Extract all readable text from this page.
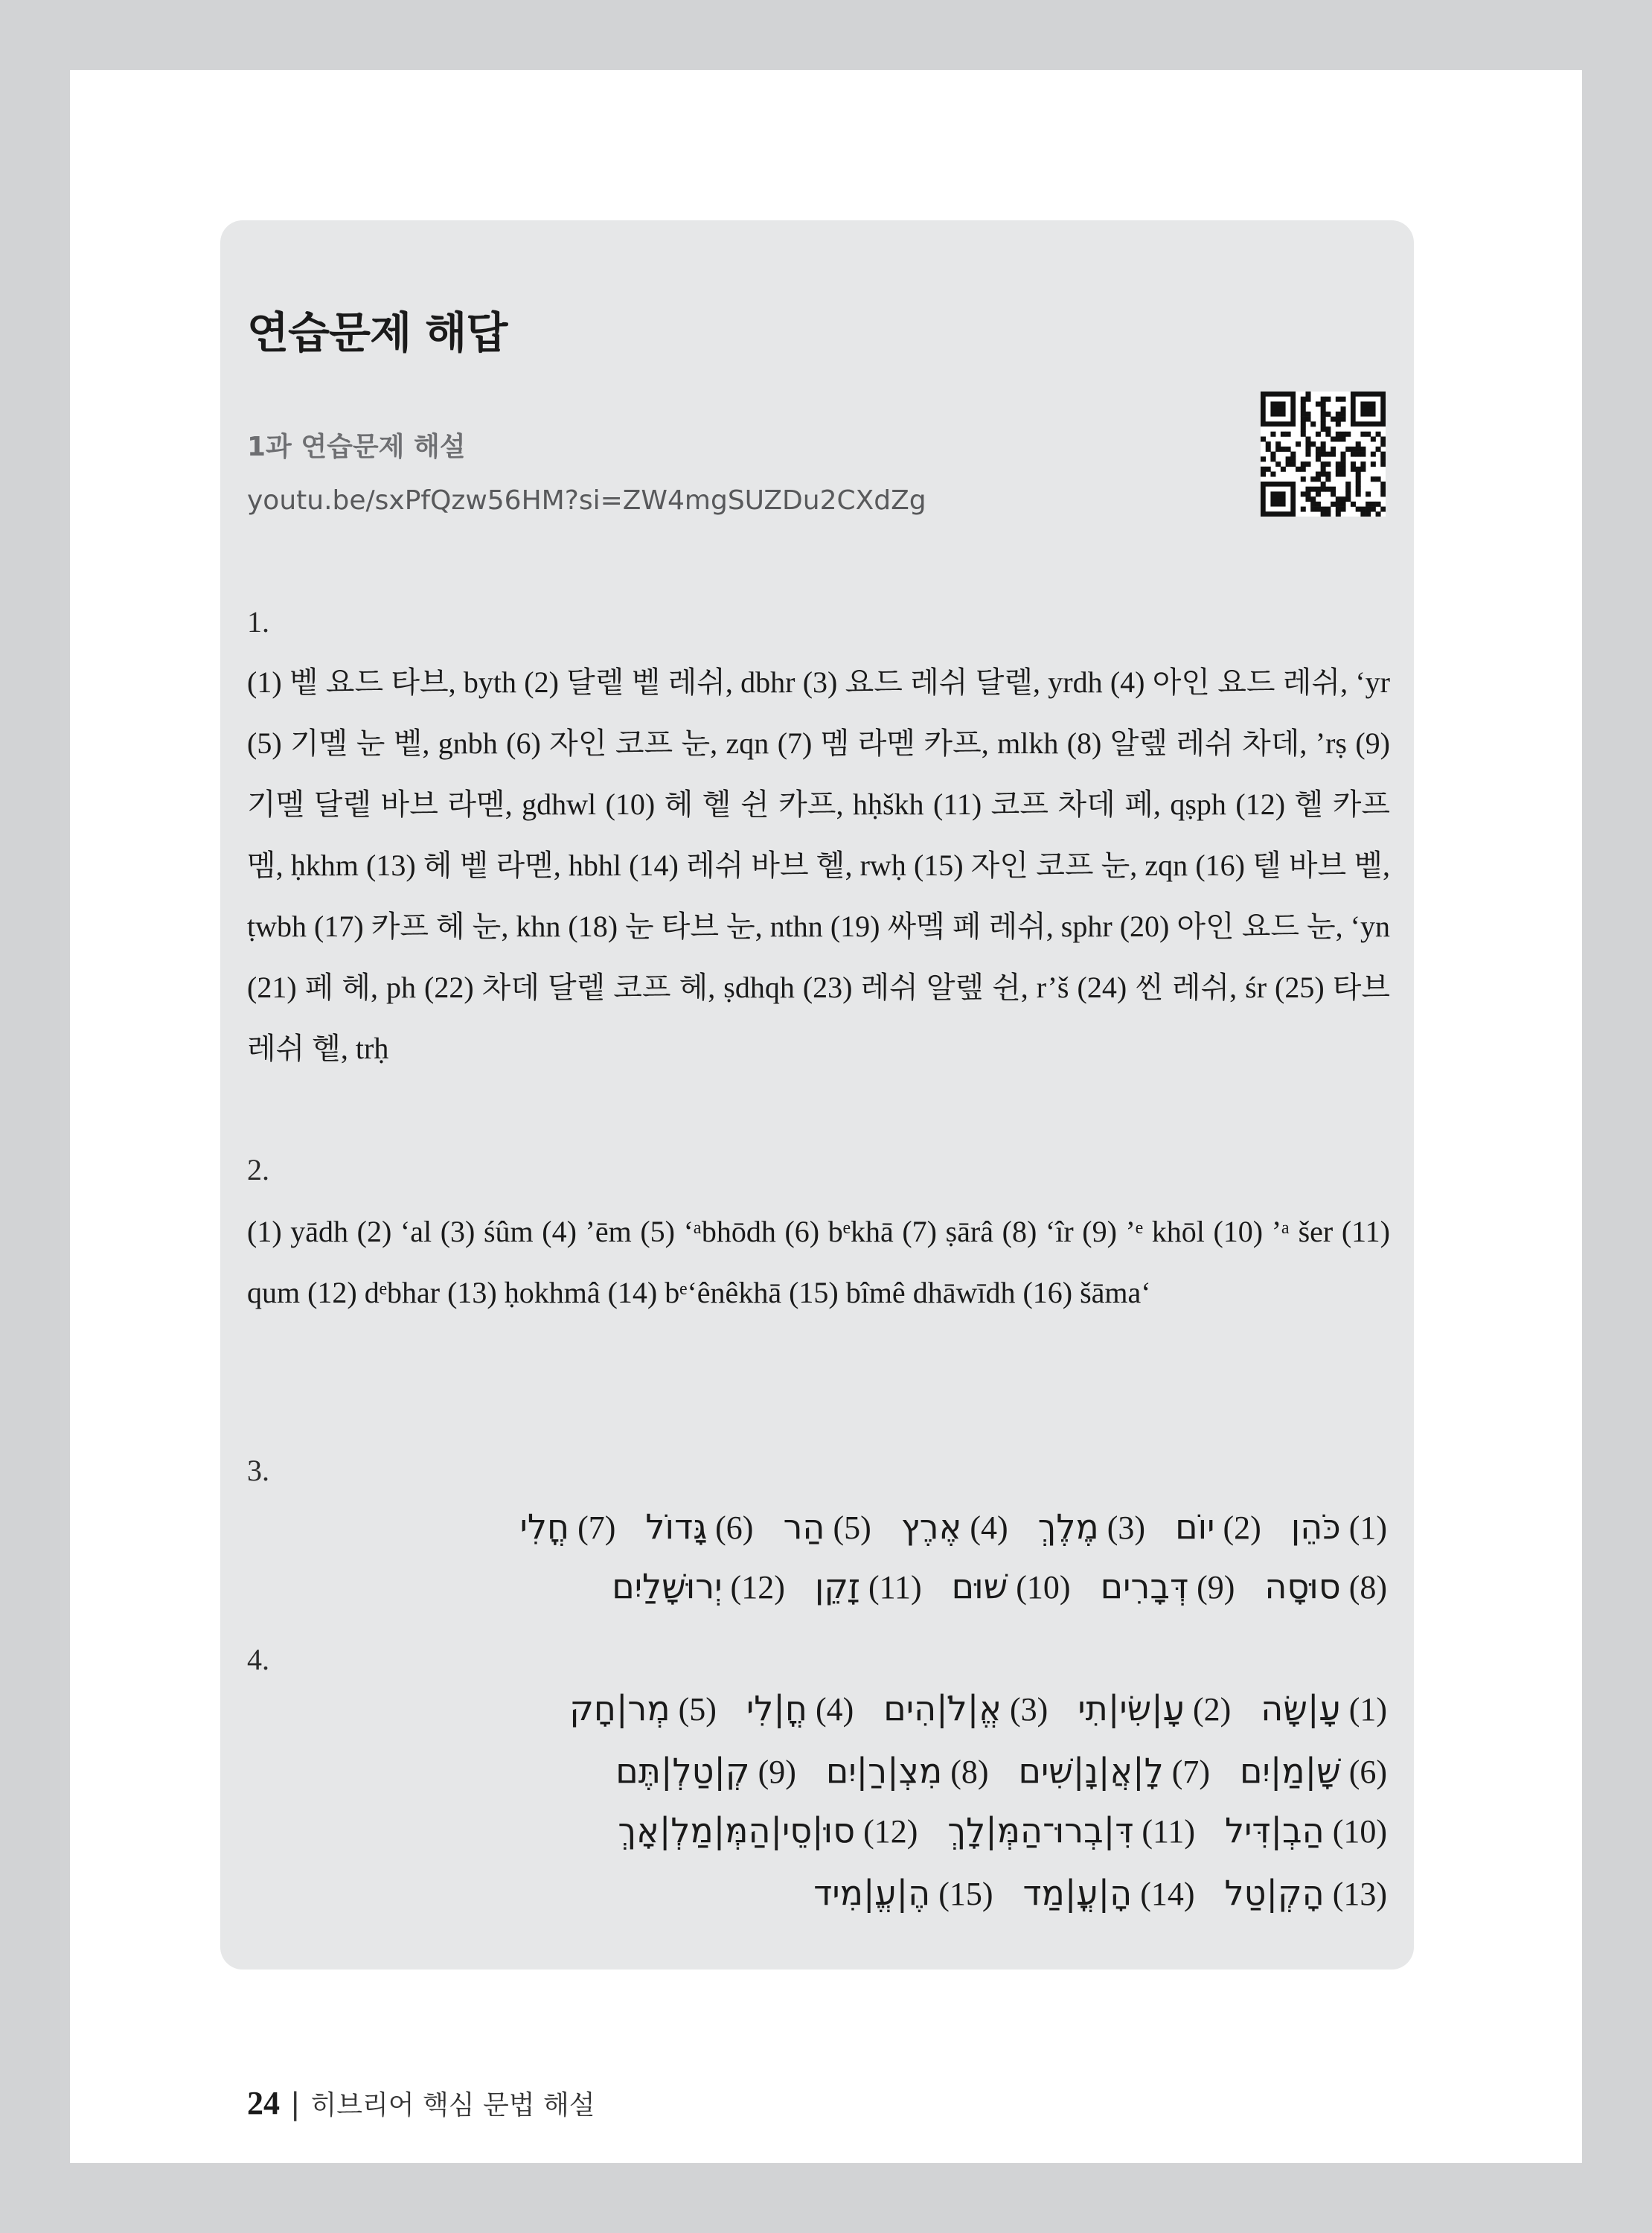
연습문제 해답
1과 연습문제 해설
youtu.be/sxPfQzw56HM?si=ZW4mgSUZDu2CXdZg
1.

(1) 벹 요드 타브, byth (2) 달렡 벹 레쉬, dbhr (3) 요드 레쉬 달렡, yrdh (4) 아인 요드 레쉬, ‘yr (5) 기멜 눈 벹, gnbh (6) 자인 코프 눈, zqn (7) 멤 라멛 카프, mlkh (8) 알렢 레쉬 차데, ’rṣ (9) 기멜 달렡 바브 라멛, gdhwl (10) 헤 헽 쉰 카프, hḥškh (11) 코프 차데 페, qṣph (12) 헽 카프 멤, ḥkhm (13) 헤 벹 라멛, hbhl (14) 레쉬 바브 헽, rwḥ (15) 자인 코프 눈, zqn (16) 텥 바브 벹, ṭwbh (17) 카프 헤 눈, khn (18) 눈 타브 눈, nthn (19) 싸멬 페 레쉬, sphr (20) 아인 요드 눈, ‘yn (21) 페 헤, ph (22) 차데 달렡 코프 헤, ṣdhqh (23) 레쉬 알렢 쉰, r’š (24) 씬 레쉬, śr (25) 타브 레쉬 헽, trḥ

2.

(1) yādh (2) ‘al (3) śûm (4) ’ēm (5) ‘ᵃbhōdh (6) bᵉkhā (7) ṣārâ (8) ‘îr (9) ’ᵉ khōl (10) ’ᵃ šer (11) qum (12) dᵉbhar (13) ḥokhmâ (14) bᵉ‘ênêkhā (15) bîmê dhāwīdh (16) šāma‘

3.
חֳלִי (7) גָּדוֹל (6) הַר (5) אֶרֶץ (4) מֶלֶךְ (3) יוֹם (2) כֹּהֵן (1)
יְרוּשָׁלַיִם (12) זָקֵן (11) שׁוּם (10) דְּבָרִים (9) סוּסָה (8)
4.
מְר|חָק (5) חֳ|לִי (4) אֱ|לֹ|הִים (3) עָ|שִׂי|תִי (2) עָ|שָׂה (1)
קְ|טַלְ|תֶּם (9) מִצְ|רַ|יִם (8) לָ|אֲ|נָ|שִׁים (7) שָׁ|מַ|יִם (6)
סוּ|סֵי|הַמְּ|מַלְ|אָךְ (12) דִּ|בְרוּ־הַמְּ|לָךְ (11) הַבְ|דִּיל (10)
הֶ|עֱ|מִיד (15) הָ|עֳ|מַד (14) הָקְ|טַל (13)
24 | 히브리어 핵심 문법 해설
